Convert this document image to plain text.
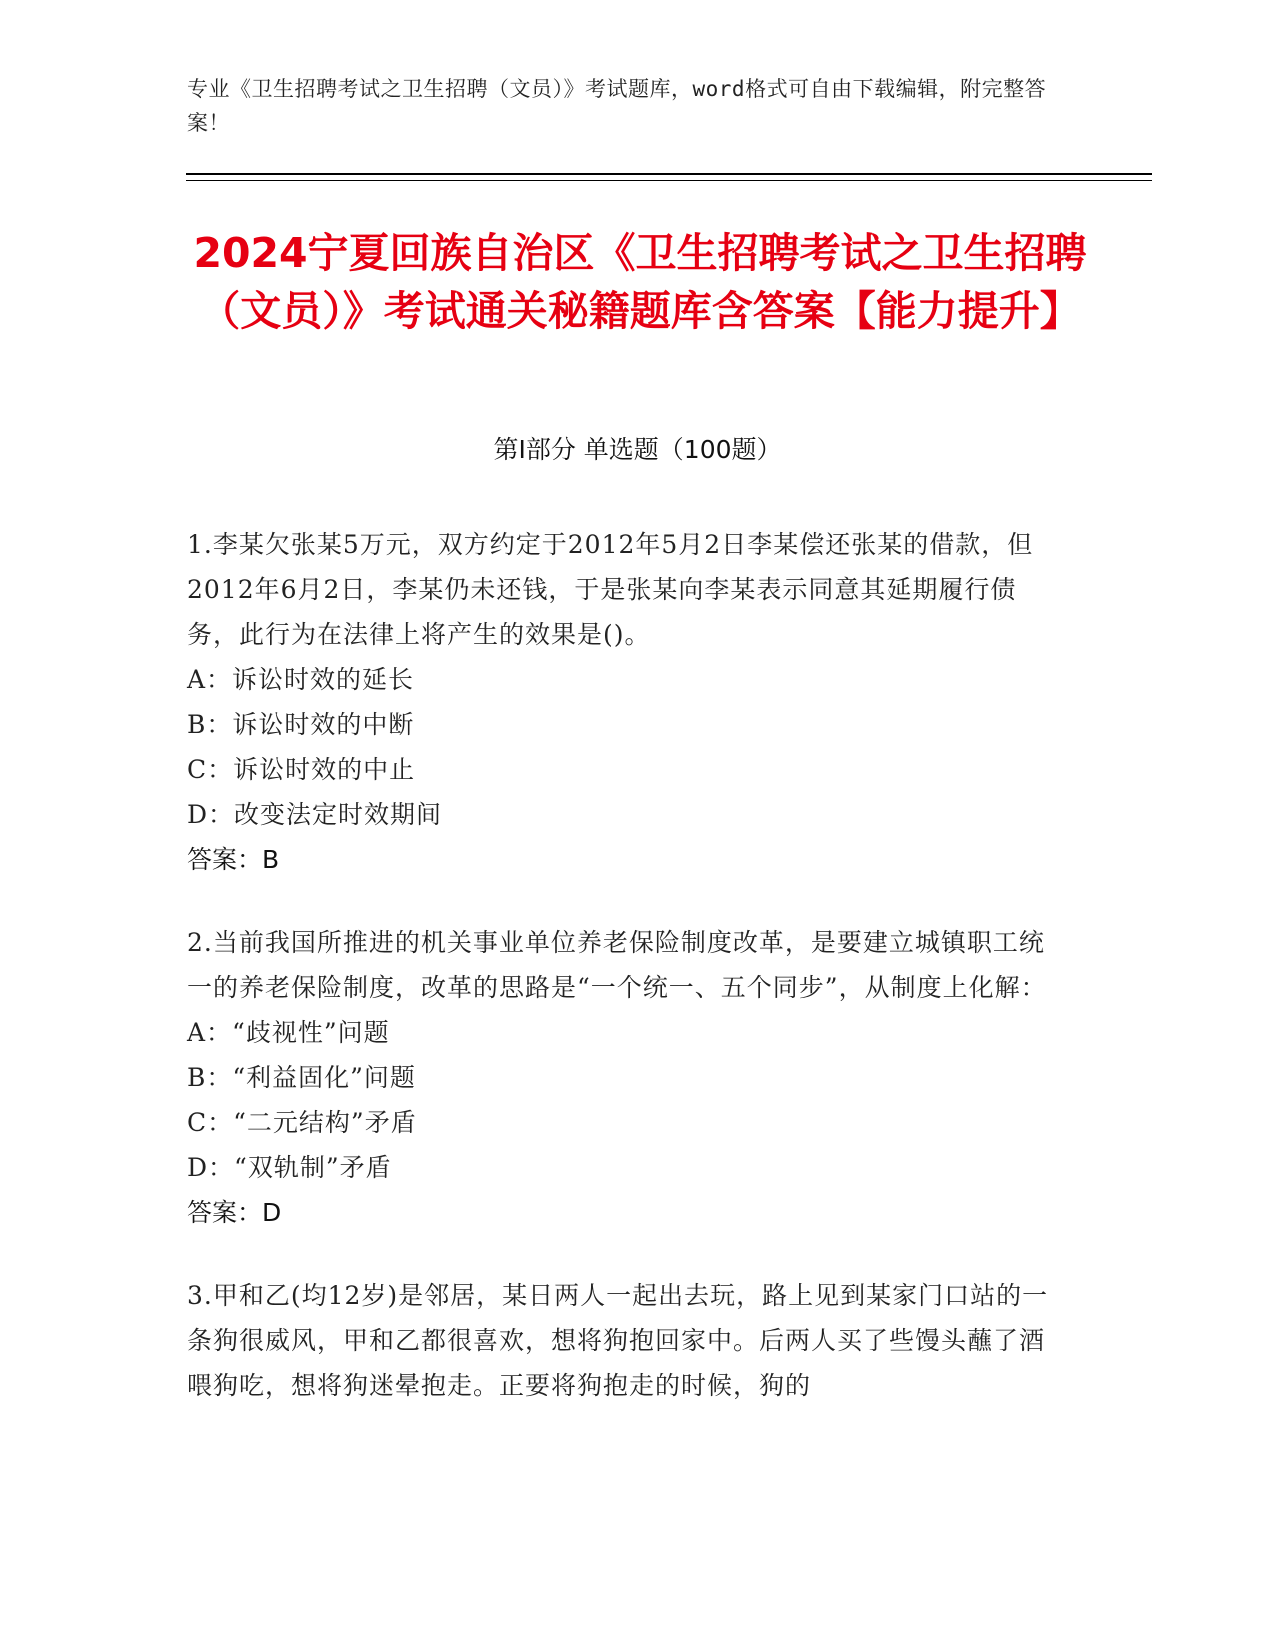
专业《卫生招聘考试之卫生招聘（文员）》考试题库，word格式可自由下载编辑，附完整答案！
2024宁夏回族自治区《卫生招聘考试之卫生招聘（文员）》考试通关秘籍题库含答案【能力提升】
第I部分 单选题（100题）
1.李某欠张某5万元，双方约定于2012年5月2日李某偿还张某的借款，但2012年6月2日，李某仍未还钱，于是张某向李某表示同意其延期履行债务，此行为在法律上将产生的效果是()。
A：诉讼时效的延长
B：诉讼时效的中断
C：诉讼时效的中止
D：改变法定时效期间
答案：B
2.当前我国所推进的机关事业单位养老保险制度改革，是要建立城镇职工统一的养老保险制度，改革的思路是“一个统一、五个同步”，从制度上化解：
A：“歧视性”问题
B：“利益固化”问题
C：“二元结构”矛盾
D：“双轨制”矛盾
答案：D
3.甲和乙(均12岁)是邻居，某日两人一起出去玩，路上见到某家门口站的一条狗很威风，甲和乙都很喜欢，想将狗抱回家中。后两人买了些馒头蘸了酒喂狗吃，想将狗迷晕抱走。正要将狗抱走的时候，狗的
